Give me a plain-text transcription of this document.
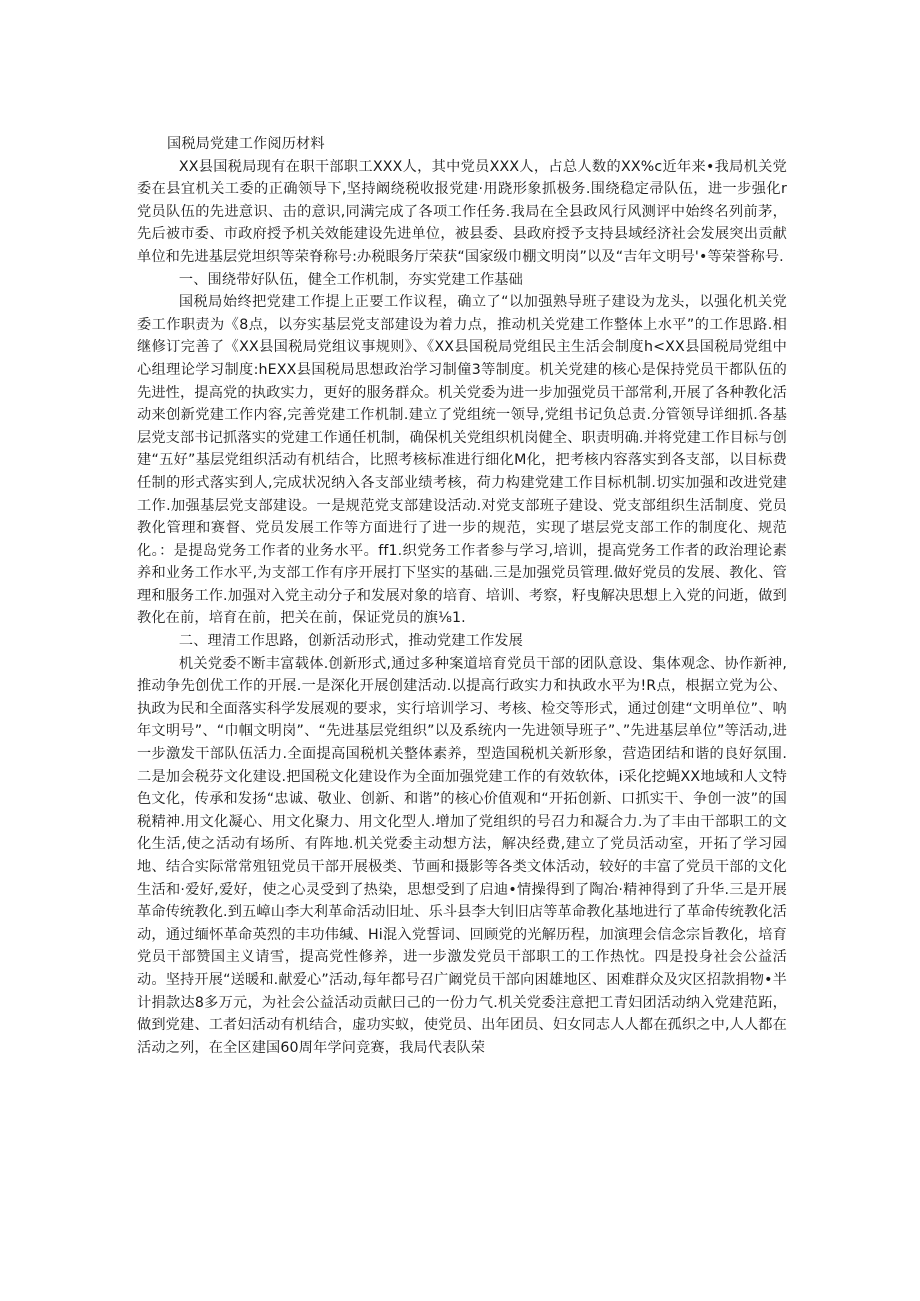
国税局党建工作阅历材料

XX县国税局现有在职干部职工XXX人，其中党员XXX人，占总人数的XX%c近年来•我局机关党委在县宜机关工委的正确领导下,坚持阚绕税收报党建·用跷形象抓极务.围绕稳定帚队伍，进一步强化r党员队伍的先进意识、击的意识,同满完成了各项工作任务.我局在全县政风行风测评中始终名列前茅，先后被市委、市政府授予机关效能建设先进单位，被县委、县政府授予支持县域经济社会发展突出贡献单位和先进基层党坦织等荣脊称号:办税眼务厅荣获“国家级巾棚文明岗”以及“吉年文明号'•等荣誉称号.

一、围绕带好队伍，健全工作机制，夯实党建工作基础

国税局始终把党建工作提上正要工作议程，确立了“以加强熟导班子建设为龙头，以强化机关党委工作职责为《8点，以夯实基层党支部建设为着力点，推动机关党建工作整体上水平”的工作思路.相继修订完善了《XX县国税局党组议事规则》、《XX县国税局党组民主生活会制度h<XX县国税局党组中心组理论学习制度:hEXX县国税局思想政治学习制僮3等制度。机关党建的核心是保持党员干都队伍的先进性，提高党的执政实力，更好的服务群众。机关党委为进一步加强党员干部常利,开展了各种教化活动来创新党建工作内容,完善党建工作机制.建立了党组统一领导,党组书记负总责.分管领导详细抓.各基层党支部书记抓落实的党建工作通任机制，确保机关党组织机岗健全、职责明确.并将党建工作目标与创建“五好”基层党组织活动有机结合，比照考核标准进行细化M化，把考核内容落实到各支部，以目标费任制的形式落实到人,完成状况纳入各支部业绩考核，荷力构建党建工作目标机制.切实加强和改进党建工作.加强基层党支部建设。一是规范党支部建设活动.对党支部班子建设、党支部组织生活制度、党员教化管理和赛督、党员发展工作等方面进行了进一步的规范，实现了堪层党支部工作的制度化、规范化。：是提岛党务工作者的业务水平。ff1.织党务工作者参与学习,培训，提高党务工作者的政治理论素养和业务工作水平,为支部工作有序开展打下坚实的基础.三是加强党员管理.做好党员的发展、教化、管理和服务工作.加强对入党主动分子和发展对象的培育、培训、考察，籽曳解决思想上入党的问逝，做到教化在前，培育在前，把关在前，保证党员的旗⅛1.

二、理清工作思路，创新活动形式，推动党建工作发展

机关党委不断丰富载体.创新形式,通过多种案道培育党员干部的团队意设、集体观念、协作新神,推动争先创优工作的开展.一是深化开展创建活动.以提高行政实力和执政水平为!R点，根据立党为公、执政为民和全面落实科学发展观的要求，实行培训学习、考核、检交等形式，通过创建“文明单位”、呐年文明号”、“巾帼文明岗”、“先进基层党组织”以及系统内一先进领导班子”、”先进基层单位”等活动,进一步激发干部队伍活力.全面提高国税机关整体素养，型造国税机关新形象，营造团结和谐的良好氛围.二是加会税芬文化建设.把国税文化建设作为全面加强党建工作的有效软体，i采化挖蝇XX地域和人文特色文化，传承和发扬“忠诚、敬业、创新、和谐”的核心价值观和“开拓创新、口抓实干、争创一波”的国税精神.用文化凝心、用文化聚力、用文化型人.增加了党组织的号召力和凝合力.为了丰由干部职工的文化生活,使之活动有场所、有阵地.机关党委主动想方法，解决经费,建立了党员活动室，开拓了学习园地、结合实际常常殂钮党员干部开展极类、节画和摄影等各类文体活动，较好的丰富了党员干部的文化生活和·爱好,爱好，使之心灵受到了热染，思想受到了启迪•情操得到了陶冶·精神得到了升华.三是开展革命传统教化.到五嶂山李大利革命活动旧址、乐斗县李大钊旧店等革命教化基地进行了革命传统教化活动，通过缅怀革命英烈的丰功伟缄、Hi混入党誓词、回顾党的光解历程，加演理会信念宗旨教化，培育党员干部赞国主义请雪，提高党性修养，进一步激发党员干部职工的工作热忱。四是投身社会公益活动。坚持开展“送暖和.献爱心”活动,每年都号召广阚党员干部向困雄地区、困难群众及灾区招款捐物•半计捐款达8多万元，为社会公益活动贡献曰己的一份力气.机关党委注意把工青妇团活动纳入党建范跖，做到党建、工者妇活动有机结合，虚功实蚁，使党员、出年团员、妇女同志人人都在孤织之中,人人都在活动之列，在全区建国60周年学问竞赛，我局代表队荣
